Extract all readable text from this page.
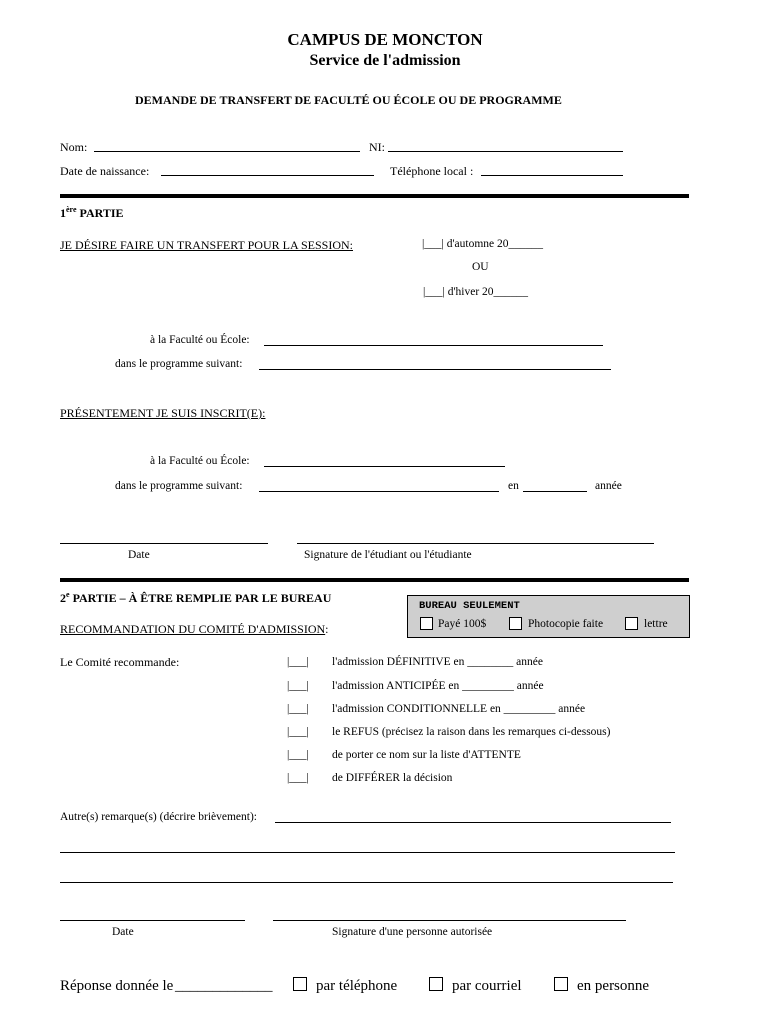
CAMPUS DE MONCTON
Service de l'admission
DEMANDE DE TRANSFERT DE FACULTÉ OU ÉCOLE OU DE PROGRAMME
Nom:	NI:
Date de naissance:	Téléphone local :
1ère PARTIE
JE DÉSIRE FAIRE UN TRANSFERT POUR LA SESSION:	|___| d'automne 20______
OU
|___| d'hiver 20______
à la Faculté ou École:
dans le programme suivant:
PRÉSENTEMENT JE SUIS INSCRIT(E):
à la Faculté ou École:
dans le programme suivant:	en	année
Date	Signature de l'étudiant ou l'étudiante
2e PARTIE – À ÊTRE REMPLIE PAR LE BUREAU
BUREAU SEULEMENT
Payé 100$	Photocopie faite	lettre
RECOMMANDATION DU COMITÉ D'ADMISSION:
Le Comité recommande:	|___| l'admission DÉFINITIVE en ________ année
|___| l'admission ANTICIPÉE en _________ année
|___| l'admission CONDITIONNELLE en _________ année
|___| le REFUS (précisez la raison dans les remarques ci-dessous)
|___| de porter ce nom sur la liste d'ATTENTE
|___| de DIFFÉRER la décision
Autre(s) remarque(s) (décrire brièvement):
Date	Signature d'une personne autorisée
Réponse donnée le _____________	par téléphone	par courriel	en personne
